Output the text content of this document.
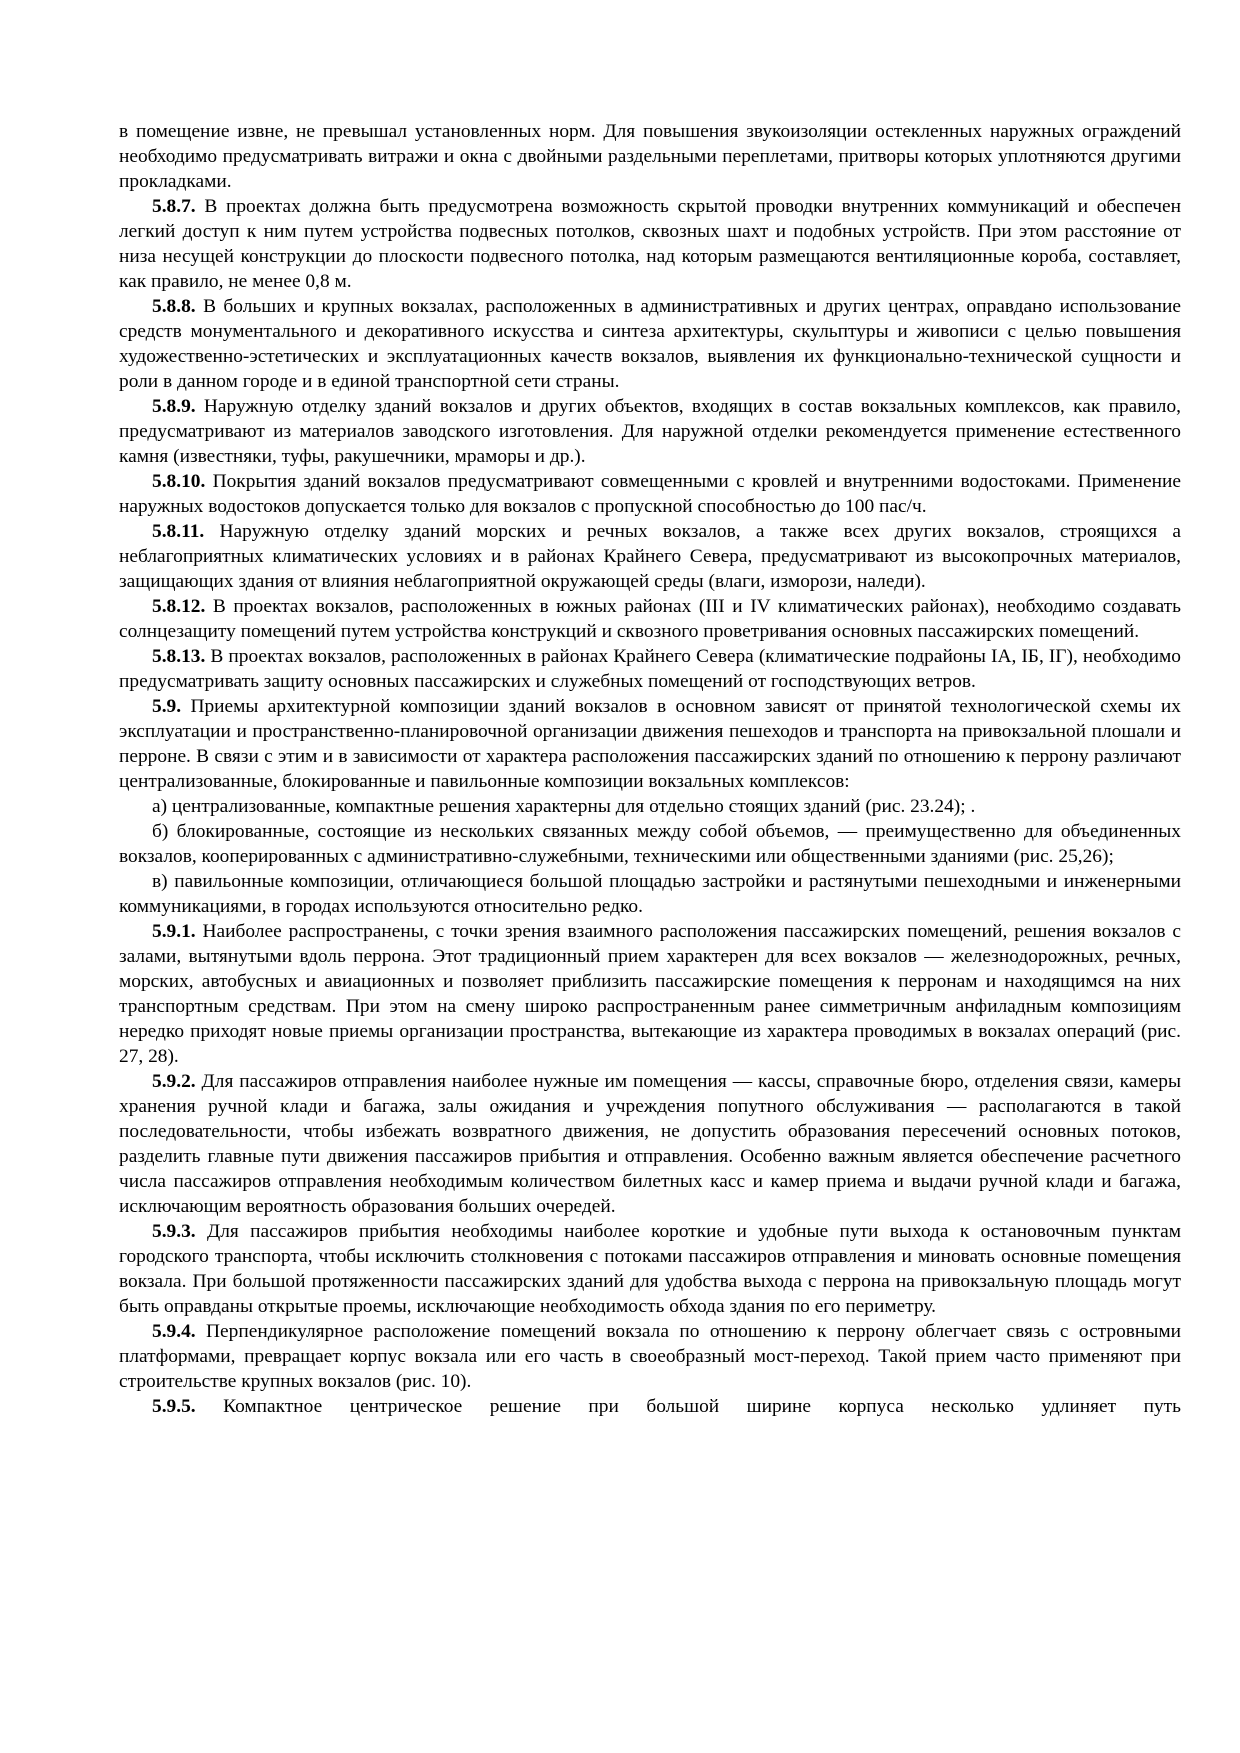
в помещение извне, не превышал установленных норм. Для повышения звукоизоляции остекленных наружных ограждений необходимо предусматривать витражи и окна с двойными раздельными переплетами, притворы которых уплотняются другими прокладками.

5.8.7. В проектах должна быть предусмотрена возможность скрытой проводки внутренних коммуникаций и обеспечен легкий доступ к ним путем устройства подвесных потолков, сквозных шахт и подобных устройств. При этом расстояние от низа несущей конструкции до плоскости подвесного потолка, над которым размещаются вентиляционные короба, составляет, как правило, не менее 0,8 м.

5.8.8. В больших и крупных вокзалах, расположенных в административных и других центрах, оправдано использование средств монументального и декоративного искусства и синтеза архитектуры, скульптуры и живописи с целью повышения художественно-эстетических и эксплуатационных качеств вокзалов, выявления их функционально-технической сущности и роли в данном городе и в единой транспортной сети страны.

5.8.9. Наружную отделку зданий вокзалов и других объектов, входящих в состав вокзальных комплексов, как правило, предусматривают из материалов заводского изготовления. Для наружной отделки рекомендуется применение естественного камня (известняки, туфы, ракушечники, мраморы и др.).

5.8.10. Покрытия зданий вокзалов предусматривают совмещенными с кровлей и внутренними водостоками. Применение наружных водостоков допускается только для вокзалов с пропускной способностью до 100 пас/ч.

5.8.11. Наружную отделку зданий морских и речных вокзалов, а также всех других вокзалов, строящихся а неблагоприятных климатических условиях и в районах Крайнего Севера, предусматривают из высокопрочных материалов, защищающих здания от влияния неблагоприятной окружающей среды (влаги, изморози, наледи).

5.8.12. В проектах вокзалов, расположенных в южных районах (III и IV климатических районах), необходимо создавать солнцезащиту помещений путем устройства конструкций и сквозного проветривания основных пассажирских помещений.

5.8.13. В проектах вокзалов, расположенных в районах Крайнего Севера (климатические подрайоны IA, IБ, IГ), необходимо предусматривать защиту основных пассажирских и служебных помещений от господствующих ветров.

5.9. Приемы архитектурной композиции зданий вокзалов в основном зависят от принятой технологической схемы их эксплуатации и пространственно-планировочной организации движения пешеходов и транспорта на привокзальной плошали и перроне. В связи с этим и в зависимости от характера расположения пассажирских зданий по отношению к перрону различают централизованные, блокированные и павильонные композиции вокзальных комплексов:

а) централизованные, компактные решения характерны для отдельно стоящих зданий (рис. 23.24); .

б) блокированные, состоящие из нескольких связанных между собой объемов, — преимущественно для объединенных вокзалов, кооперированных с административно-служебными, техническими или общественными зданиями (рис. 25,26);

в) павильонные композиции, отличающиеся большой площадью застройки и растянутыми пешеходными и инженерными коммуникациями, в городах используются относительно редко.

5.9.1. Наиболее распространены, с точки зрения взаимного расположения пассажирских помещений, решения вокзалов с залами, вытянутыми вдоль перрона. Этот традиционный прием характерен для всех вокзалов — железнодорожных, речных, морских, автобусных и авиационных и позволяет приблизить пассажирские помещения к перронам и находящимся на них транспортным средствам. При этом на смену широко распространенным ранее симметричным анфиладным композициям нередко приходят новые приемы организации пространства, вытекающие из характера проводимых в вокзалах операций (рис. 27, 28).

5.9.2. Для пассажиров отправления наиболее нужные им помещения — кассы, справочные бюро, отделения связи, камеры хранения ручной клади и багажа, залы ожидания и учреждения попутного обслуживания — располагаются в такой последовательности, чтобы избежать возвратного движения, не допустить образования пересечений основных потоков, разделить главные пути движения пассажиров прибытия и отправления. Особенно важным является обеспечение расчетного числа пассажиров отправления необходимым количеством билетных касс и камер приема и выдачи ручной клади и багажа, исключающим вероятность образования больших очередей.

5.9.3. Для пассажиров прибытия необходимы наиболее короткие и удобные пути выхода к остановочным пунктам городского транспорта, чтобы исключить столкновения с потоками пассажиров отправления и миновать основные помещения вокзала. При большой протяженности пассажирских зданий для удобства выхода с перрона на привокзальную площадь могут быть оправданы открытые проемы, исключающие необходимость обхода здания по его периметру.

5.9.4. Перпендикулярное расположение помещений вокзала по отношению к перрону облегчает связь с островными платформами, превращает корпус вокзала или его часть в своеобразный мост-переход. Такой прием часто применяют при строительстве крупных вокзалов (рис. 10).

5.9.5. Компактное центрическое решение при большой ширине корпуса несколько удлиняет путь
